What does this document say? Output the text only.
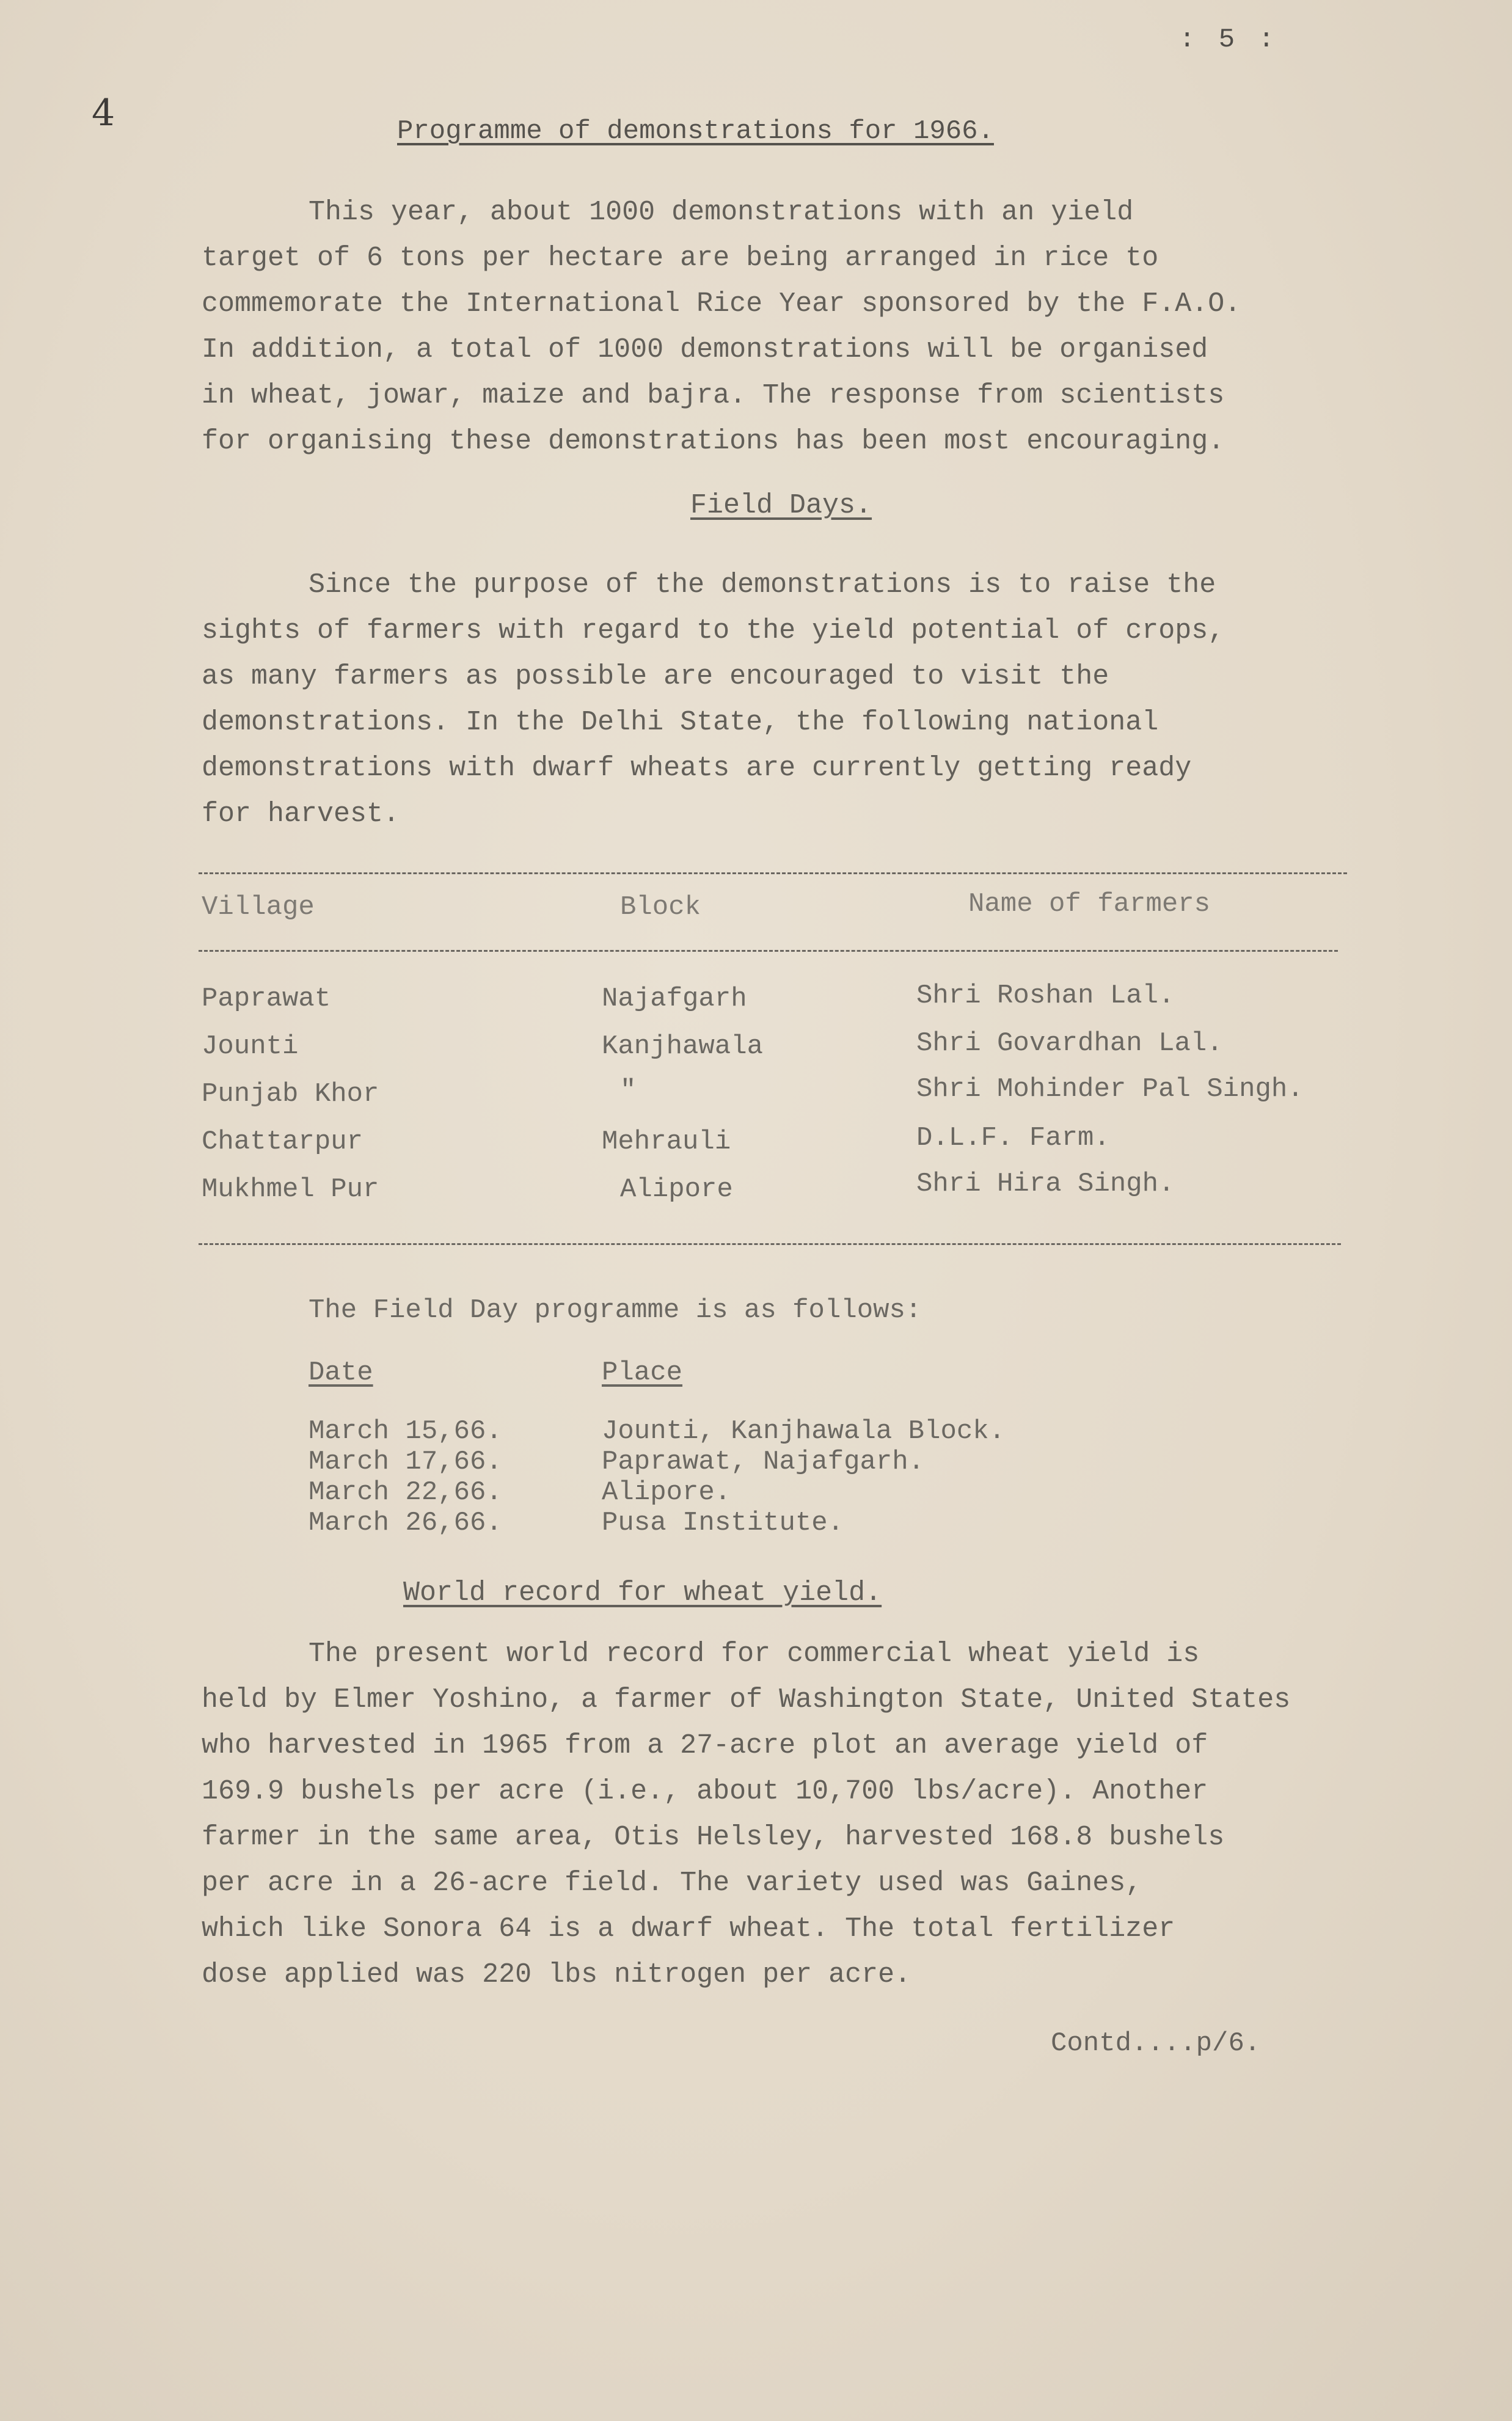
: 5 :
4	Programme of demonstrations for 1966.
This year, about 1000 demonstrations with an yield
target of 6 tons per hectare are being arranged in rice to
commemorate the International Rice Year sponsored by the F.A.O.
In addition, a total of 1000 demonstrations will be organised
in wheat, jowar, maize and bajra. The response from scientists
for organising these demonstrations has been most encouraging.
Field Days.
Since the purpose of the demonstrations is to raise the
sights of farmers with regard to the yield potential of crops,
as many farmers as possible are encouraged to visit the
demonstrations. In the Delhi State, the following national
demonstrations with dwarf wheats are currently getting ready
for harvest.
Village	Block	Name of farmers
Paprawat	Najafgarh	Shri Roshan Lal.
Jounti	Kanjhawala	Shri Govardhan Lal.
Punjab Khor	"	Shri Mohinder Pal Singh.
Chattarpur	Mehrauli	D.L.F. Farm.
Mukhmel Pur	Alipore	Shri Hira Singh.
The Field Day programme is as follows:
Date	Place
March 15,66.	Jounti, Kanjhawala Block.
March 17,66.	Paprawat, Najafgarh.
March 22,66.	Alipore.
March 26,66.	Pusa Institute.
World record for wheat yield.
The present world record for commercial wheat yield is
held by Elmer Yoshino, a farmer of Washington State, United States
who harvested in 1965 from a 27-acre plot an average yield of
169.9 bushels per acre (i.e., about 10,700 lbs/acre). Another
farmer in the same area, Otis Helsley, harvested 168.8 bushels
per acre in a 26-acre field. The variety used was Gaines,
which like Sonora 64 is a dwarf wheat. The total fertilizer
dose applied was 220 lbs nitrogen per acre.
Contd....p/6.
